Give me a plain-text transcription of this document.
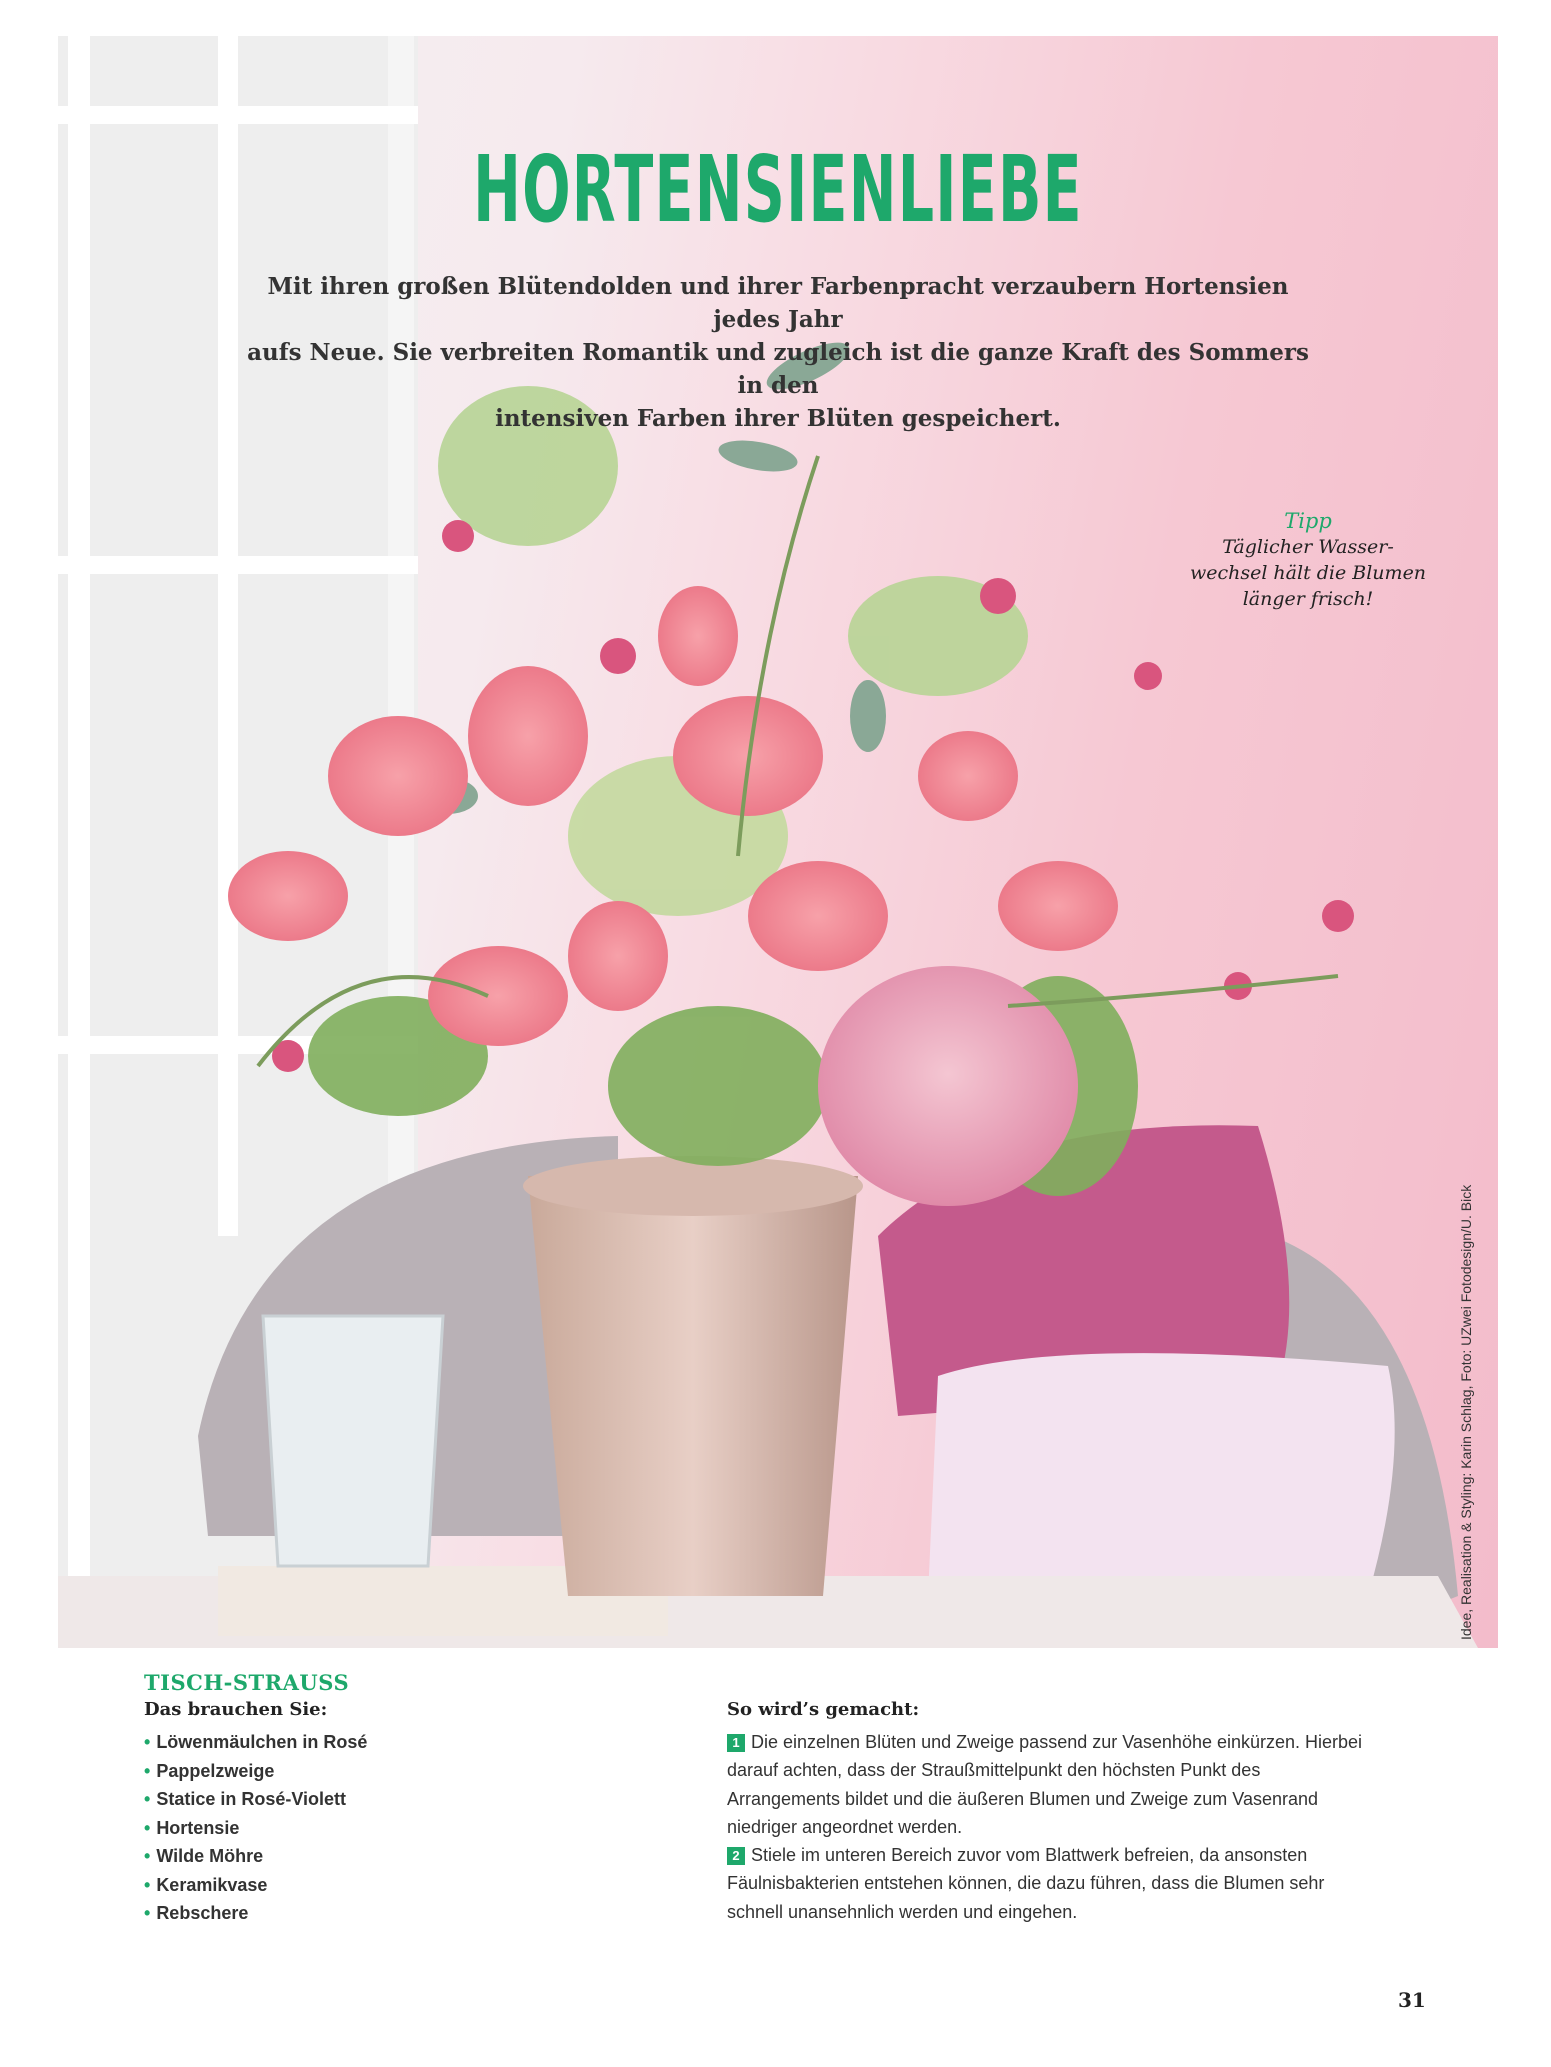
HORTENSIENLIEBE
Mit ihren großen Blütendolden und ihrer Farbenpracht verzaubern Hortensien jedes Jahr
aufs Neue. Sie verbreiten Romantik und zugleich ist die ganze Kraft des Sommers in den
intensiven Farben ihrer Blüten gespeichert.
Tipp
Täglicher Wasser-
wechsel hält die Blumen
länger frisch!
Idee, Realisation & Styling: Karin Schlag, Foto: UZwei Fotodesign/U. Bick
TISCH-STRAUSS
Das brauchen Sie:
• Löwenmäulchen in Rosé
• Pappelzweige
• Statice in Rosé-Violett
• Hortensie
• Wilde Möhre
• Keramikvase
• Rebschere
So wird’s gemacht:
1 Die einzelnen Blüten und Zweige passend zur Vasenhöhe einkürzen. Hierbei darauf achten, dass der Straußmittelpunkt den höchsten Punkt des Arrangements bildet und die äußeren Blumen und Zweige zum Vasenrand niedriger angeordnet werden.
2 Stiele im unteren Bereich zuvor vom Blattwerk befreien, da ansonsten Fäulnisbakterien entstehen können, die dazu führen, dass die Blumen sehr schnell unansehnlich werden und eingehen.
31
